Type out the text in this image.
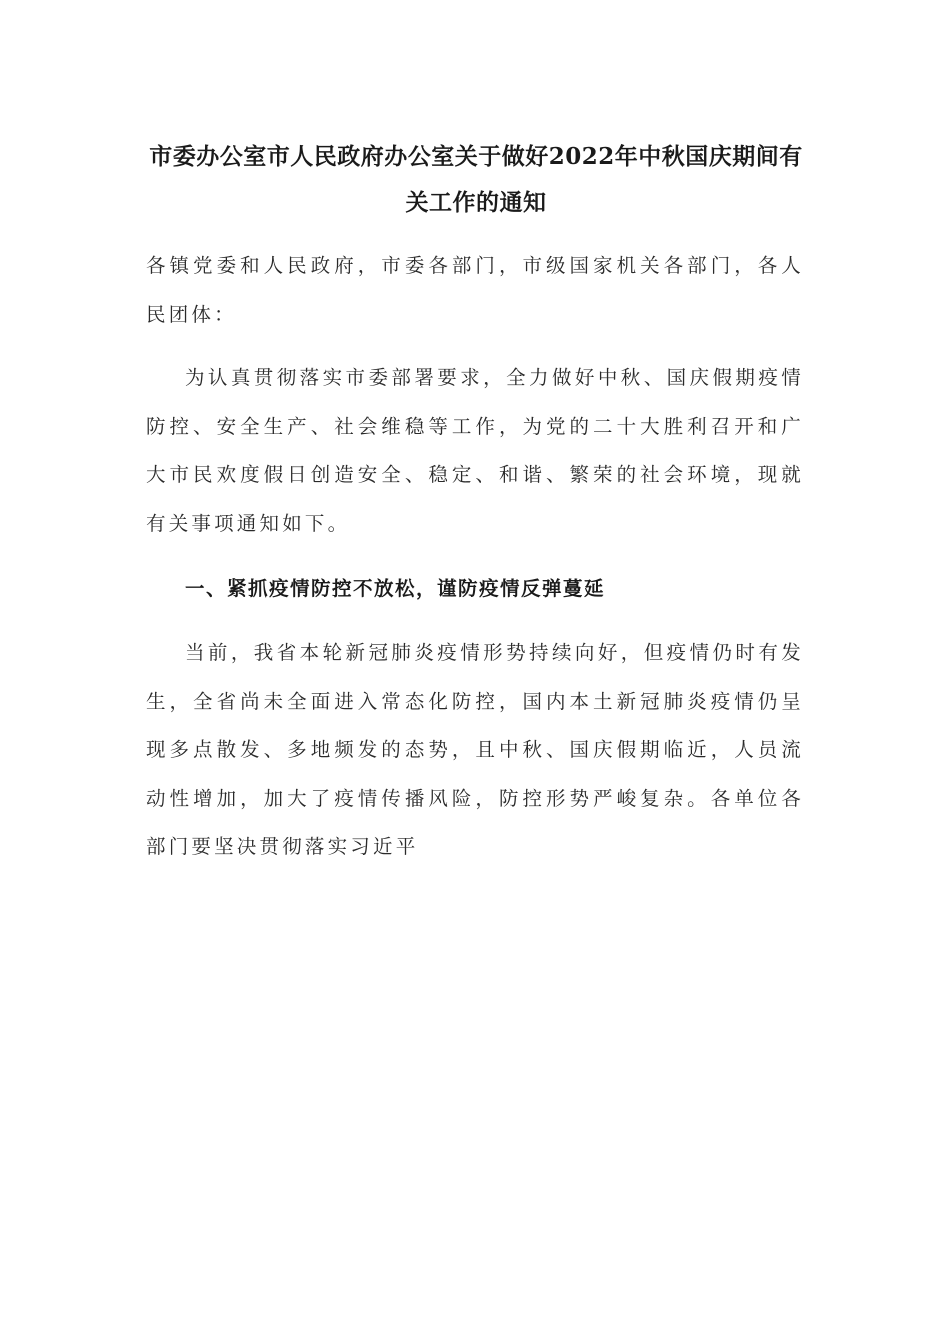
市委办公室市人民政府办公室关于做好2022年中秋国庆期间有关工作的通知
各镇党委和人民政府，市委各部门，市级国家机关各部门，各人民团体：
为认真贯彻落实市委部署要求，全力做好中秋、国庆假期疫情防控、安全生产、社会维稳等工作，为党的二十大胜利召开和广大市民欢度假日创造安全、稳定、和谐、繁荣的社会环境，现就有关事项通知如下。
一、紧抓疫情防控不放松，谨防疫情反弹蔓延
当前，我省本轮新冠肺炎疫情形势持续向好，但疫情仍时有发生，全省尚未全面进入常态化防控，国内本土新冠肺炎疫情仍呈现多点散发、多地频发的态势，且中秋、国庆假期临近，人员流动性增加，加大了疫情传播风险，防控形势严峻复杂。各单位各部门要坚决贯彻落实习近平
